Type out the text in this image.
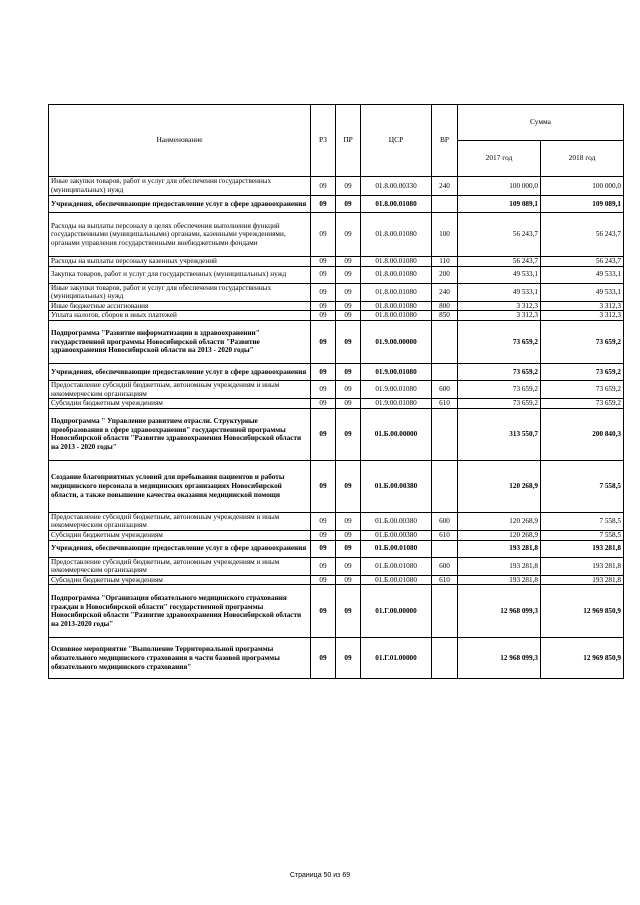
Наименование	РЗ	ПР	ЦСР	ВР	Сумма	
					2017 год	2018 год
Иные закупки товаров, работ и услуг для обеспечения государственных (муниципальных) нужд	09	09	01.8.00.00330	240	100 000,0	100 000,0
Учреждения, обеспечивающие предоставление услуг в сфере здравоохранения	09	09	01.8.00.01080		109 089,1	109 089,1
Расходы на выплаты персоналу в целях обеспечения выполнения функций государственными (муниципальными) органами, казенными учреждениями, органами управления государственными внебюджетными фондами	09	09	01.8.00.01080	100	56 243,7	56 243,7
Расходы на выплаты персоналу казенных учреждений	09	09	01.8.00.01080	110	56 243,7	56 243,7
Закупка товаров, работ и услуг для государственных (муниципальных) нужд	09	09	01.8.00.01080	200	49 533,1	49 533,1
Иные закупки товаров, работ и услуг для обеспечения государственных (муниципальных) нужд	09	09	01.8.00.01080	240	49 533,1	49 533,1
Иные бюджетные ассигнования	09	09	01.8.00.01080	800	3 312,3	3 312,3
Уплата налогов, сборов и иных платежей	09	09	01.8.00.01080	850	3 312,3	3 312,3
Подпрограмма "Развитие информатизации в здравоохранении" государственной программы Новосибирской области "Развитие здравоохранения Новосибирской области на 2013 - 2020 годы"	09	09	01.9.00.00000		73 659,2	73 659,2
Учреждения, обеспечивающие предоставление услуг в сфере здравоохранения	09	09	01.9.00.01080		73 659,2	73 659,2
Предоставление субсидий бюджетным, автономным учреждениям и иным некоммерческим организациям	09	09	01.9.00.01080	600	73 659,2	73 659,2
Субсидии бюджетным учреждениям	09	09	01.9.00.01080	610	73 659,2	73 659,2
Подпрограмма " Управление развитием отрасли. Структурные преобразования в сфере здравоохранения" государственной программы Новосибирской области "Развитие здравоохранения Новосибирской области на 2013 - 2020 годы"	09	09	01.Б.00.00000		313 550,7	200 840,3
Создание благоприятных условий для пребывания пациентов и работы медицинского персонала в медицинских организациях Новосибирской области, а также повышение качества оказания медицинской помощи	09	09	01.Б.00.00380		120 268,9	7 558,5
Предоставление субсидий бюджетным, автономным учреждениям и иным некоммерческим организациям	09	09	01.Б.00.00380	600	120 268,9	7 558,5
Субсидии бюджетным учреждениям	09	09	01.Б.00.00380	610	120 268,9	7 558,5
Учреждения, обеспечивающие предоставление услуг в сфере здравоохранения	09	09	01.Б.00.01080		193 281,8	193 281,8
Предоставление субсидий бюджетным, автономным учреждениям и иным некоммерческим организациям	09	09	01.Б.00.01080	600	193 281,8	193 281,8
Субсидии бюджетным учреждениям	09	09	01.Б.00.01080	610	193 281,8	193 281,8
Подпрограмма "Организация обязательного медицинского страхования граждан в Новосибирской области" государственной программы Новосибирской области "Развитие здравоохранения Новосибирской области на 2013-2020 годы"	09	09	01.Г.00.00000		12 968 099,3	12 969 850,9
Основное мероприятие "Выполнение Территориальной программы обязательного медицинского страхования в части базовой программы обязательного медицинского страхования"	09	09	01.Г.01.00000		12 968 099,3	12 969 850,9
Страница 50 из 69
